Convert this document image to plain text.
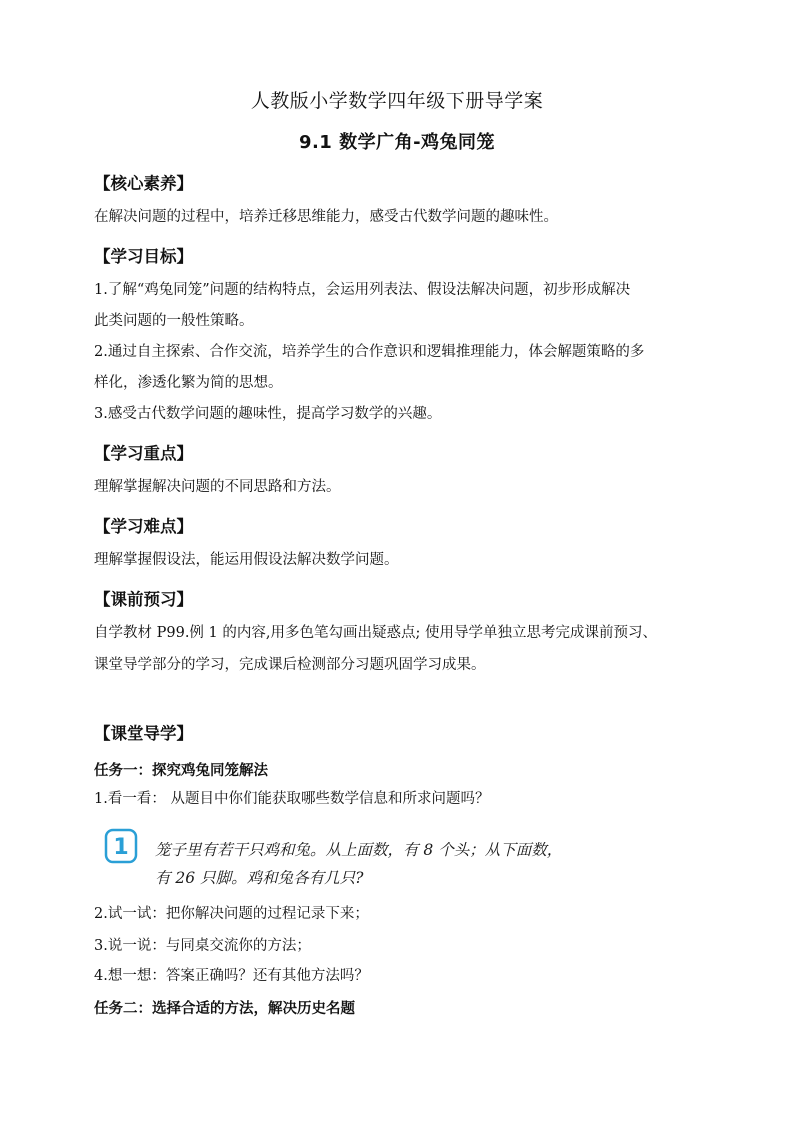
人教版小学数学四年级下册导学案
9.1 数学广角-鸡兔同笼
【核心素养】
在解决问题的过程中，培养迁移思维能力，感受古代数学问题的趣味性。
【学习目标】
1.了解“鸡兔同笼”问题的结构特点，会运用列表法、假设法解决问题，初步形成解决
此类问题的一般性策略。
2.通过自主探索、合作交流，培养学生的合作意识和逻辑推理能力，体会解题策略的多
样化，渗透化繁为简的思想。
3.感受古代数学问题的趣味性，提高学习数学的兴趣。
【学习重点】
理解掌握解决问题的不同思路和方法。
【学习难点】
理解掌握假设法，能运用假设法解决数学问题。
【课前预习】
自学教材 P99.例 1 的内容,用多色笔勾画出疑惑点; 使用导学单独立思考完成课前预习、
课堂导学部分的学习，完成课后检测部分习题巩固学习成果。
【课堂导学】
任务一：探究鸡兔同笼解法
1.看一看： 从题目中你们能获取哪些数学信息和所求问题吗？
1 笼子里有若干只鸡和兔。从上面数，有 8 个头；从下面数，
有 26 只脚。鸡和兔各有几只?
2.试一试：把你解决问题的过程记录下来；
3.说一说：与同桌交流你的方法；
4.想一想：答案正确吗？还有其他方法吗？
任务二：选择合适的方法，解决历史名题
